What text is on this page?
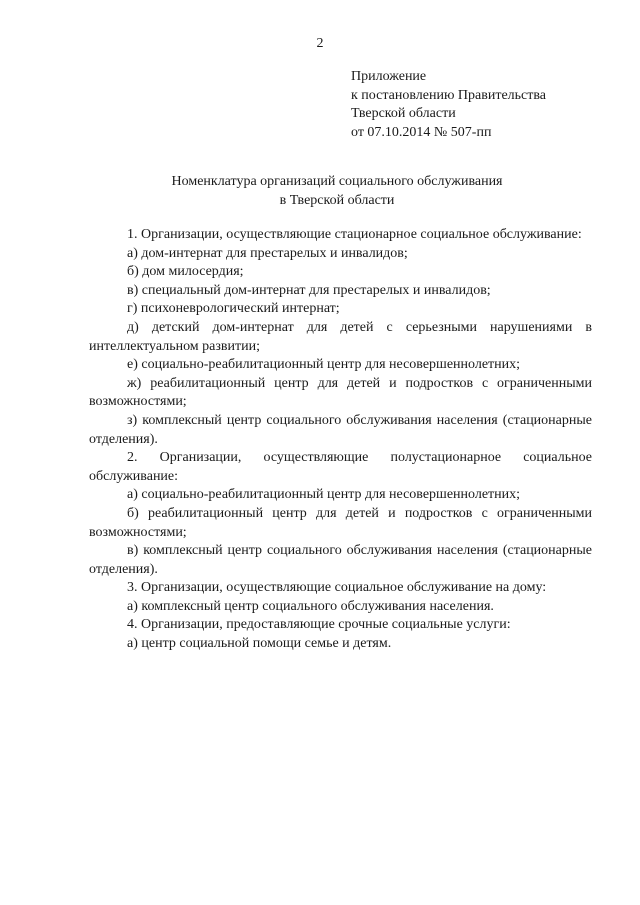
2
Приложение
к постановлению Правительства
Тверской области
от 07.10.2014 № 507-пп
Номенклатура организаций социального обслуживания
в Тверской области

1. Организации, осуществляющие стационарное социальное обслуживание:

а) дом-интернат для престарелых и инвалидов;

б) дом милосердия;

в) специальный дом-интернат для престарелых и инвалидов;

г) психоневрологический интернат;

д) детский дом-интернат для детей с серьезными нарушениями в интеллектуальном развитии;

е) социально-реабилитационный центр для несовершеннолетних;

ж) реабилитационный центр для детей и подростков с ограниченными возможностями;

з) комплексный центр социального обслуживания населения (стационарные отделения).

2. Организации, осуществляющие полустационарное социальное обслуживание:

а) социально-реабилитационный центр для несовершеннолетних;

б) реабилитационный центр для детей и подростков с ограниченными возможностями;

в) комплексный центр социального обслуживания населения (стационарные отделения).

3. Организации, осуществляющие социальное обслуживание на дому:

а) комплексный центр социального обслуживания населения.

4. Организации, предоставляющие срочные социальные услуги:

а) центр социальной помощи семье и детям.
